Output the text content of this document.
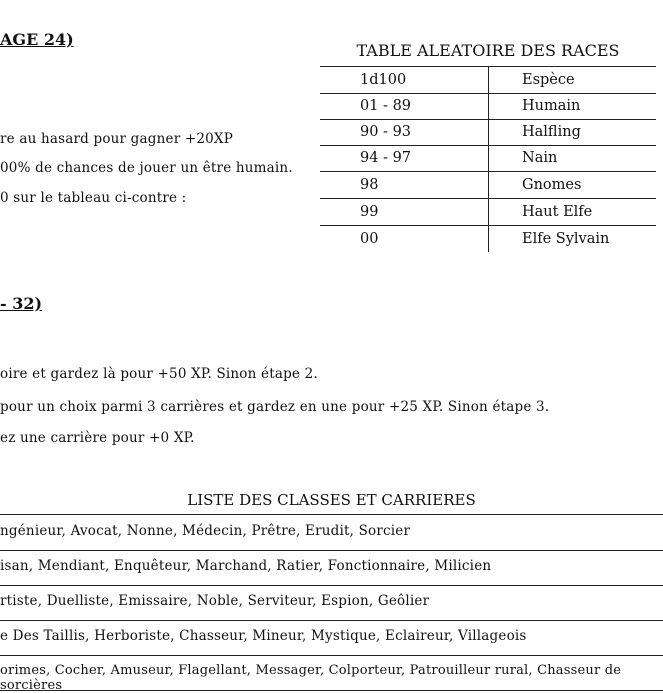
AGE 24)
re au hasard pour gagner +20XP
00% de chances de jouer un être humain.
0 sur le tableau ci-contre :
TABLE ALEATOIRE DES RACES
1d100	Espèce
01 - 89	Humain
90 - 93	Halfling
94 - 97	Nain
98	Gnomes
99	Haut Elfe
00	Elfe Sylvain
- 32)
oire et gardez là pour +50 XP. Sinon étape 2.
pour un choix parmi 3 carrières et gardez en une pour +25 XP. Sinon étape 3.
ez une carrière pour +0 XP.
LISTE DES CLASSES ET CARRIERES
ngénieur, Avocat, Nonne, Médecin, Prêtre, Erudit, Sorcier
isan, Mendiant, Enquêteur, Marchand, Ratier, Fonctionnaire, Milicien
rtiste, Duelliste, Emissaire, Noble, Serviteur, Espion, Geôlier
e Des Taillis, Herboriste, Chasseur, Mineur, Mystique, Eclaireur, Villageois
orimes, Cocher, Amuseur, Flagellant, Messager, Colporteur, Patrouilleur rural, Chasseur de sorcières
